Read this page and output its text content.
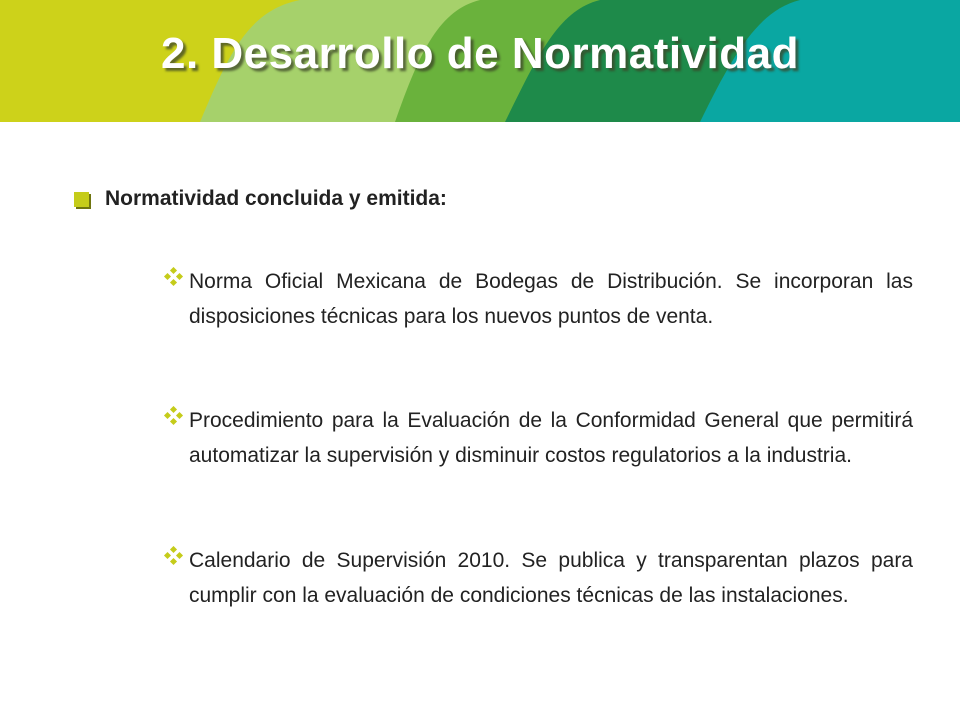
2. Desarrollo de Normatividad
Normatividad concluida y emitida:
Norma Oficial Mexicana de Bodegas de Distribución. Se incorporan las disposiciones técnicas para los nuevos puntos de venta.
Procedimiento para la Evaluación de la Conformidad General que permitirá automatizar la supervisión y disminuir costos regulatorios a la industria.
Calendario de Supervisión 2010. Se publica y transparentan plazos para cumplir con la evaluación de condiciones técnicas de las instalaciones.
